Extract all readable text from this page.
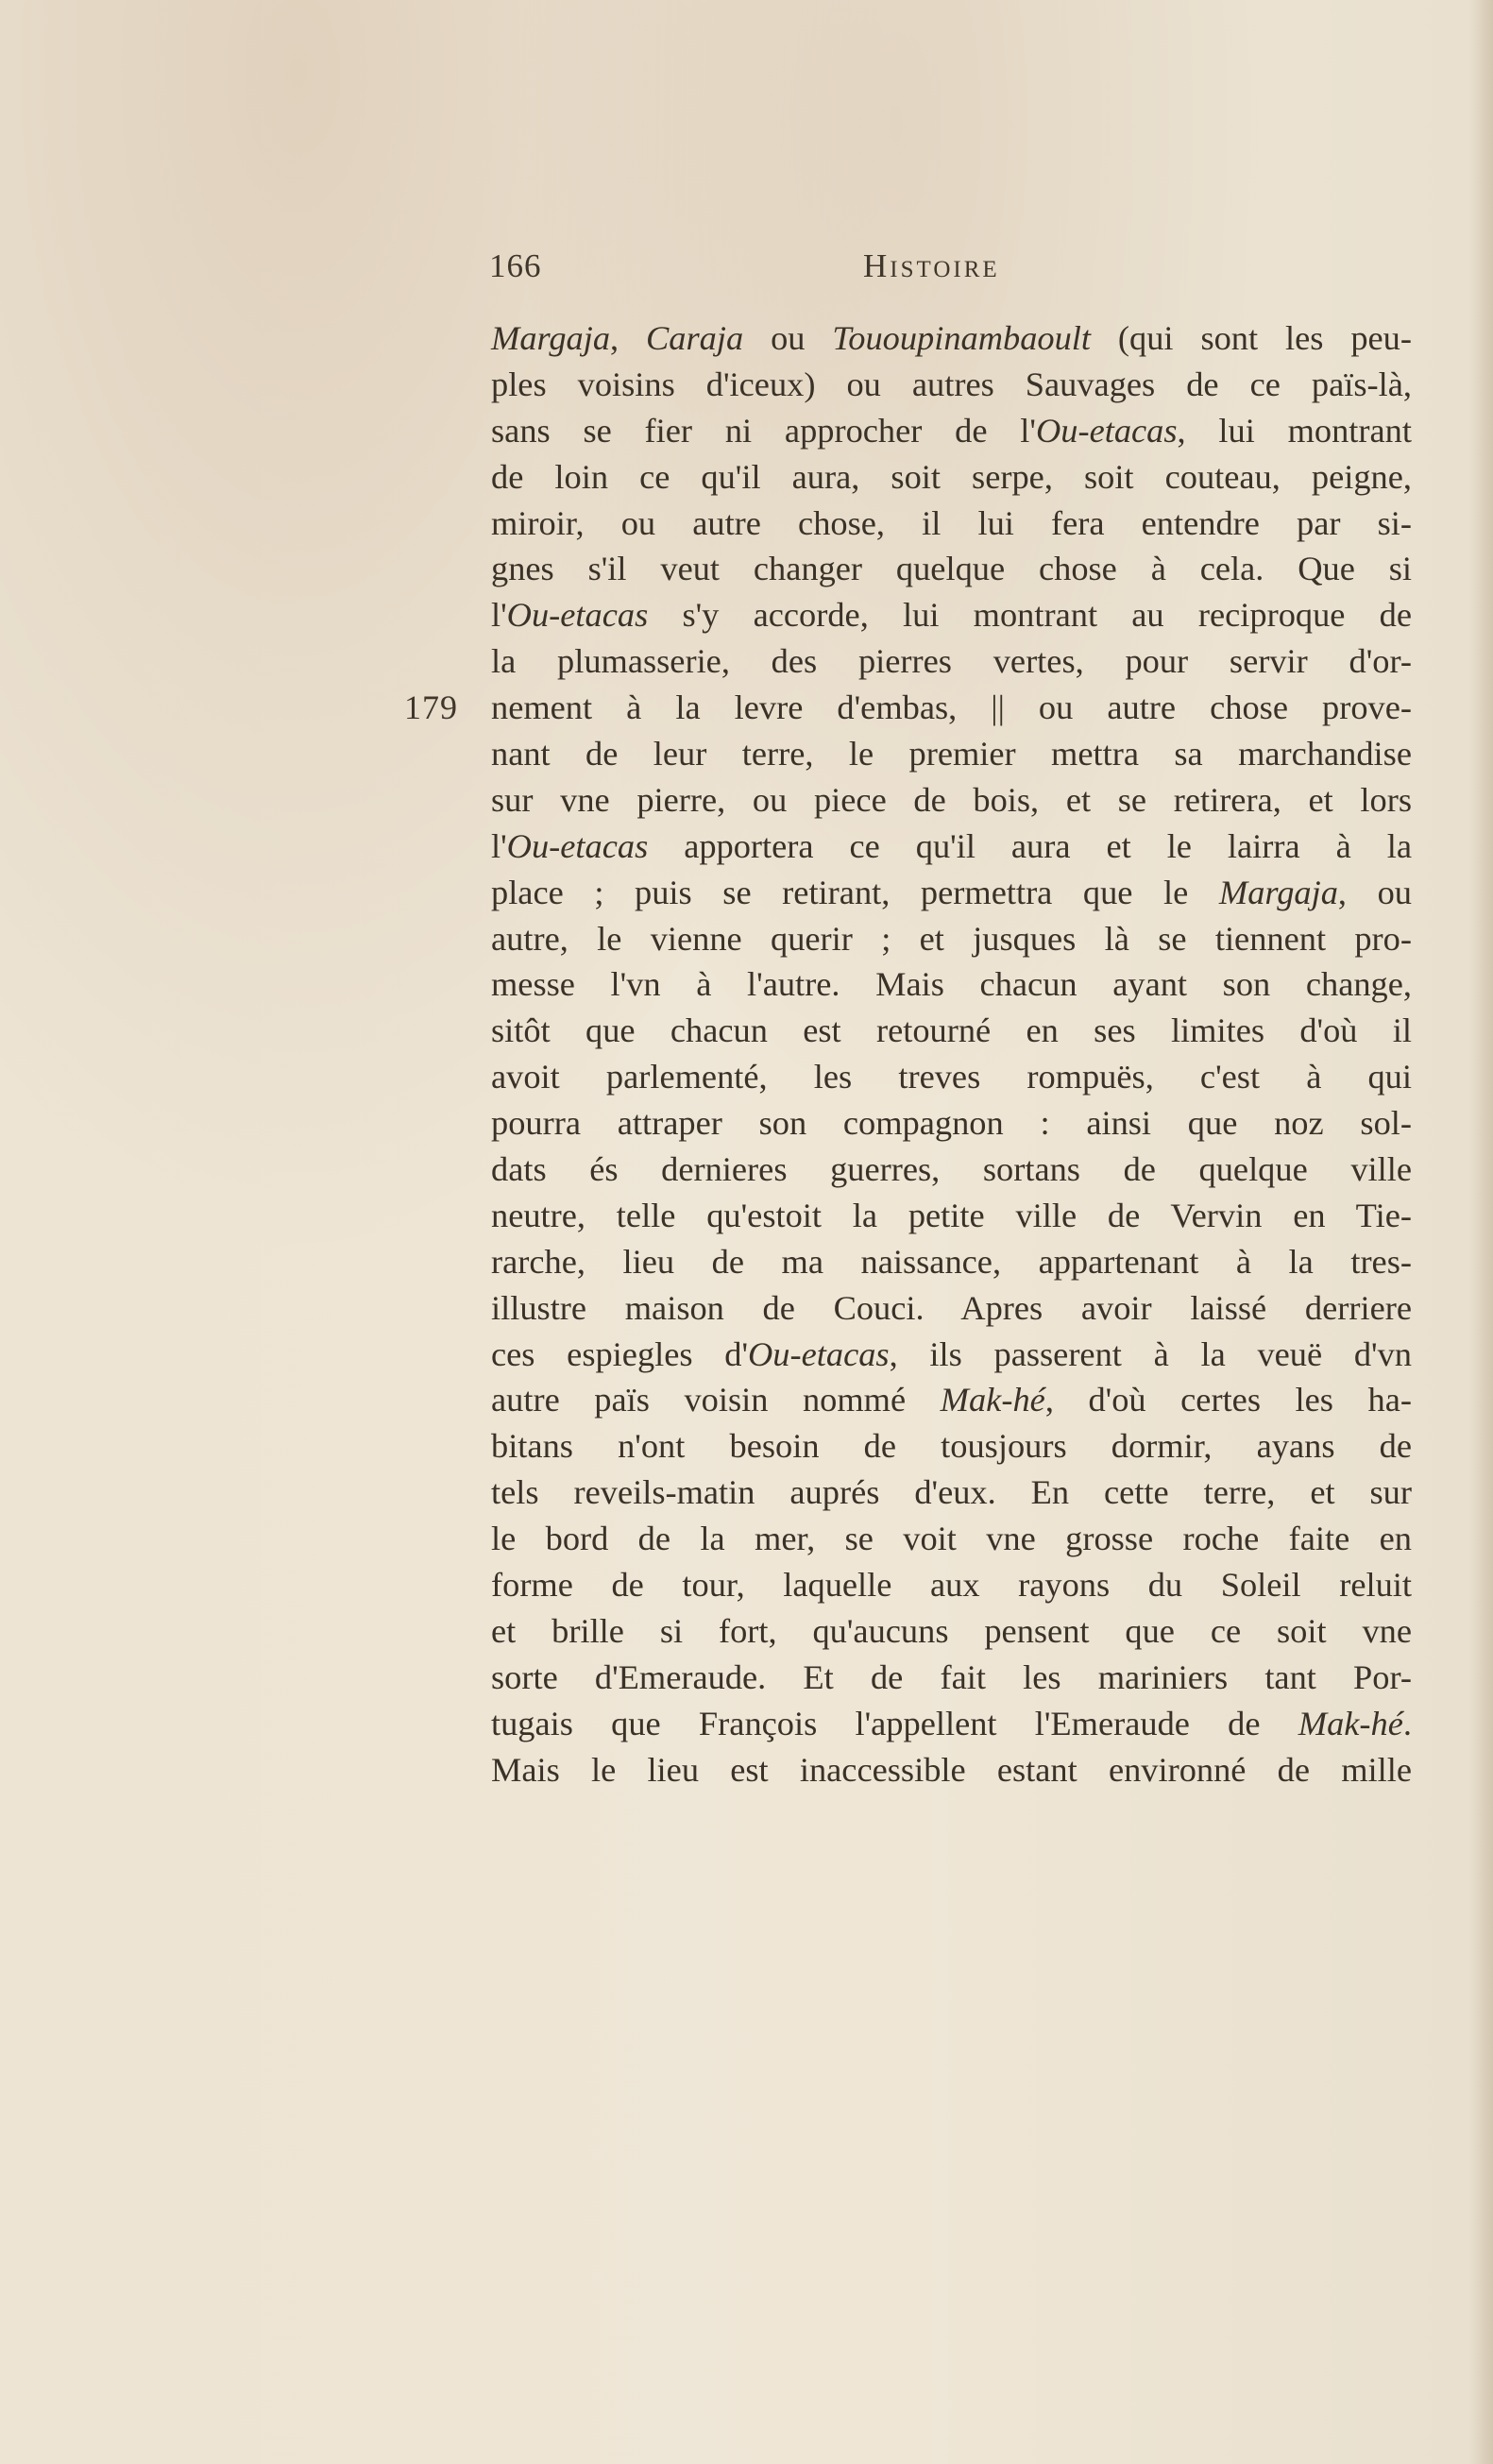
166	Histoire
179
Margaja, Caraja ou Tououpinambaoult (qui sont les peu-
ples voisins d'iceux) ou autres Sauvages de ce païs-là,
sans se fier ni approcher de l'Ou-etacas, lui montrant
de loin ce qu'il aura, soit serpe, soit couteau, peigne,
miroir, ou autre chose, il lui fera entendre par si-
gnes s'il veut changer quelque chose à cela. Que si
l'Ou-etacas s'y accorde, lui montrant au reciproque de
la plumasserie, des pierres vertes, pour servir d'or-
nement à la levre d'embas, || ou autre chose prove-
nant de leur terre, le premier mettra sa marchandise
sur vne pierre, ou piece de bois, et se retirera, et lors
l'Ou-etacas apportera ce qu'il aura et le lairra à la
place ; puis se retirant, permettra que le Margaja, ou
autre, le vienne querir ; et jusques là se tiennent pro-
messe l'vn à l'autre. Mais chacun ayant son change,
sitôt que chacun est retourné en ses limites d'où il
avoit parlementé, les treves rompuës, c'est à qui
pourra attraper son compagnon : ainsi que noz sol-
dats és dernieres guerres, sortans de quelque ville
neutre, telle qu'estoit la petite ville de Vervin en Tie-
rarche, lieu de ma naissance, appartenant à la tres-
illustre maison de Couci. Apres avoir laissé derriere
ces espiegles d'Ou-etacas, ils passerent à la veuë d'vn
autre païs voisin nommé Mak-hé, d'où certes les ha-
bitans n'ont besoin de tousjours dormir, ayans de
tels reveils-matin auprés d'eux. En cette terre, et sur
le bord de la mer, se voit vne grosse roche faite en
forme de tour, laquelle aux rayons du Soleil reluit
et brille si fort, qu'aucuns pensent que ce soit vne
sorte d'Emeraude. Et de fait les mariniers tant Por-
tugais que François l'appellent l'Emeraude de Mak-hé.
Mais le lieu est inaccessible estant environné de mille
